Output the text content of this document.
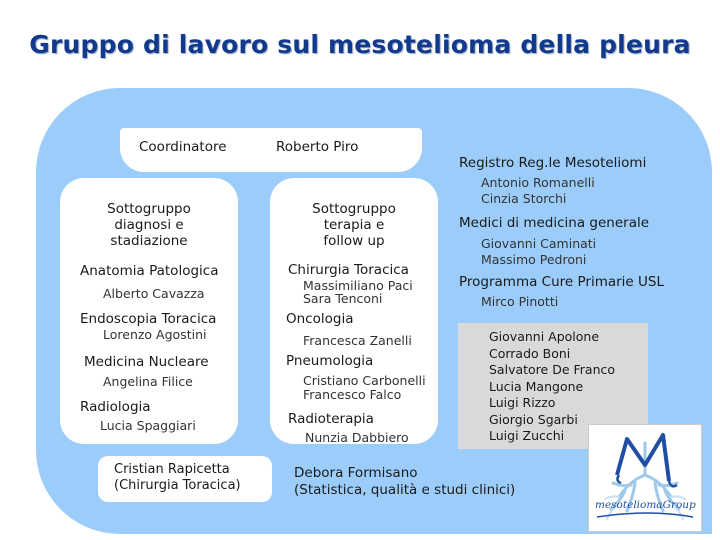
Gruppo di lavoro sul mesotelioma della pleura
Coordinatore	Roberto Piro
Sottogruppo
diagnosi e
stadiazione
Anatomia Patologica
Alberto Cavazza
Endoscopia Toracica
Lorenzo Agostini
Medicina Nucleare
Angelina Filice
Radiologia
Lucia Spaggiari
Cristian Rapicetta
(Chirurgia Toracica)
Sottogruppo
terapia e
follow up
Chirurgia Toracica
Massimiliano Paci
Sara Tenconi
Oncologia
Francesca Zanelli
Pneumologia
Cristiano Carbonelli
Francesco Falco
Radioterapia
Nunzia Dabbiero
Registro Reg.le Mesoteliomi
Antonio Romanelli
Cinzia Storchi
Medici di medicina generale
Giovanni Caminati
Massimo Pedroni
Programma Cure Primarie USL
Mirco Pinotti
Giovanni Apolone
Corrado Boni
Salvatore De Franco
Lucia Mangone
Luigi Rizzo
Giorgio Sgarbi
Luigi Zucchi
Debora Formisano
(Statistica, qualità e studi clinici)
mesoteliomaGroup
